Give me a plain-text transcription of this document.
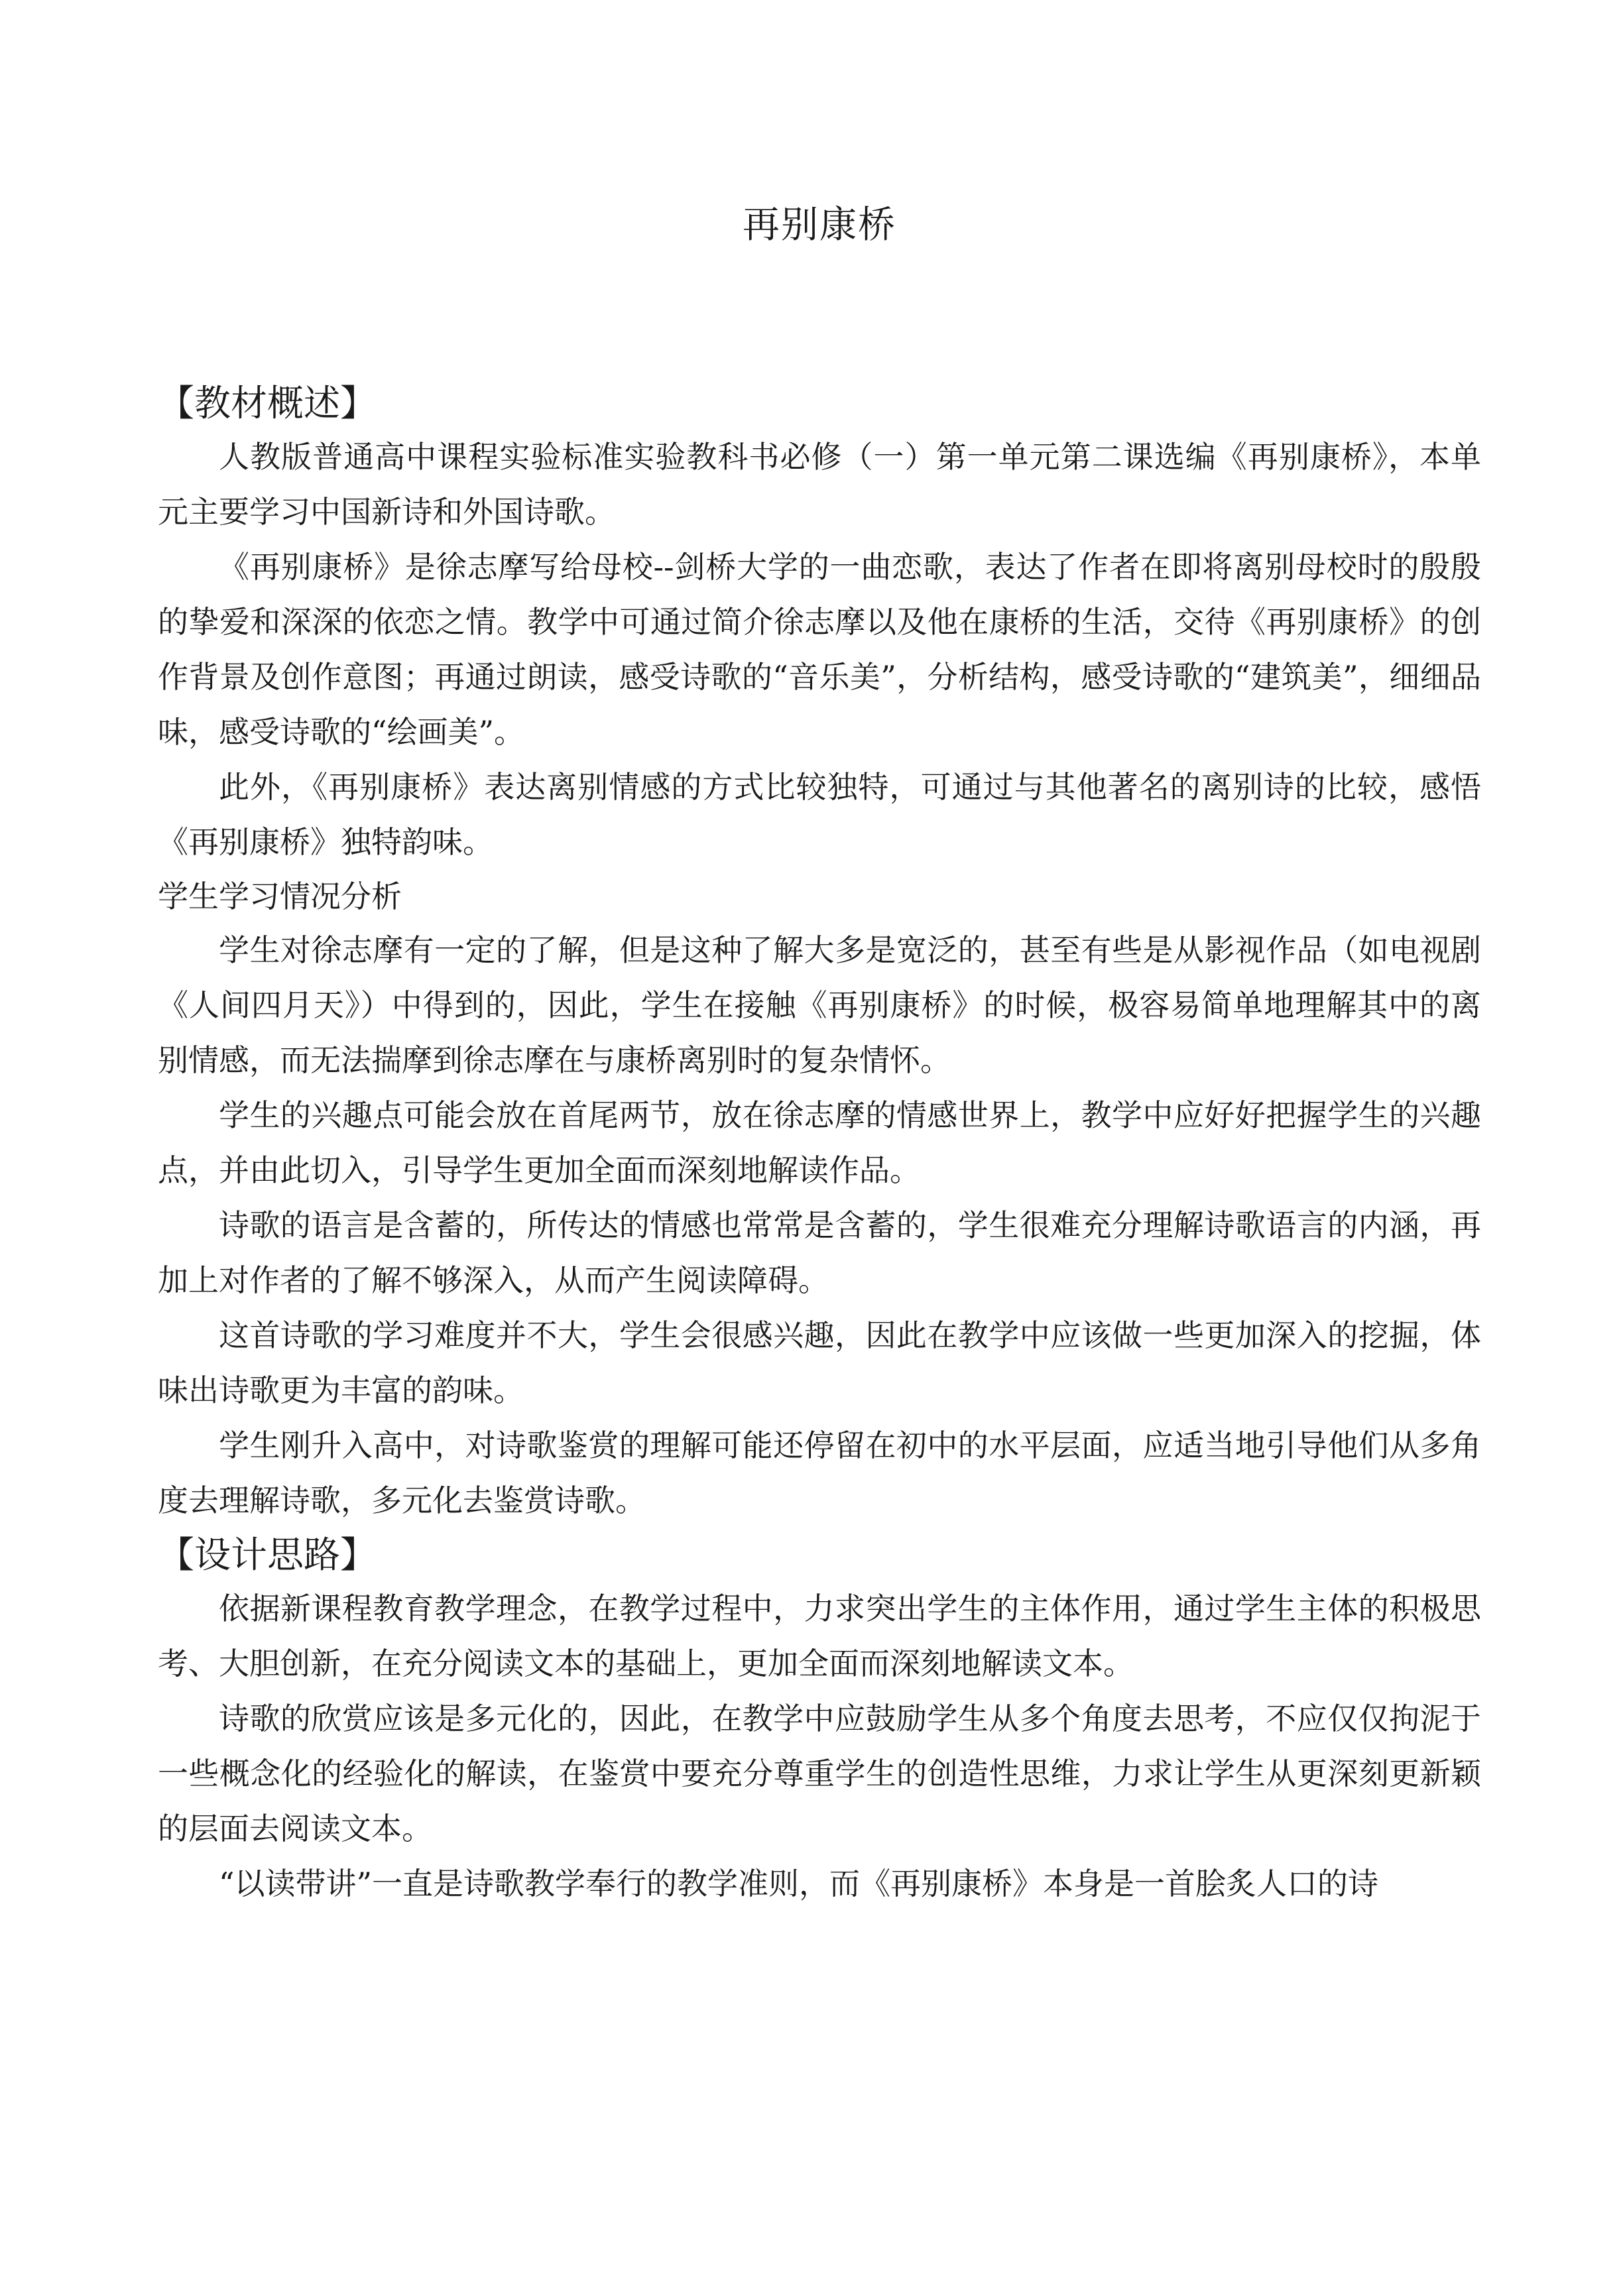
再别康桥
【教材概述】

人教版普通高中课程实验标准实验教科书必修（一）第一单元第二课选编《再别康桥》，本单元主要学习中国新诗和外国诗歌。

《再别康桥》是徐志摩写给母校--剑桥大学的一曲恋歌，表达了作者在即将离别母校时的殷殷的挚爱和深深的依恋之情。教学中可通过简介徐志摩以及他在康桥的生活，交待《再别康桥》的创作背景及创作意图；再通过朗读，感受诗歌的“音乐美”，分析结构，感受诗歌的“建筑美”，细细品味，感受诗歌的“绘画美”。

此外，《再别康桥》表达离别情感的方式比较独特，可通过与其他著名的离别诗的比较，感悟《再别康桥》独特韵味。

学生学习情况分析

学生对徐志摩有一定的了解，但是这种了解大多是宽泛的，甚至有些是从影视作品（如电视剧《人间四月天》）中得到的，因此，学生在接触《再别康桥》的时候，极容易简单地理解其中的离别情感，而无法揣摩到徐志摩在与康桥离别时的复杂情怀。

学生的兴趣点可能会放在首尾两节，放在徐志摩的情感世界上，教学中应好好把握学生的兴趣点，并由此切入，引导学生更加全面而深刻地解读作品。

诗歌的语言是含蓄的，所传达的情感也常常是含蓄的，学生很难充分理解诗歌语言的内涵，再加上对作者的了解不够深入，从而产生阅读障碍。

这首诗歌的学习难度并不大，学生会很感兴趣，因此在教学中应该做一些更加深入的挖掘，体味出诗歌更为丰富的韵味。

学生刚升入高中，对诗歌鉴赏的理解可能还停留在初中的水平层面，应适当地引导他们从多角度去理解诗歌，多元化去鉴赏诗歌。

【设计思路】

依据新课程教育教学理念，在教学过程中，力求突出学生的主体作用，通过学生主体的积极思考、大胆创新，在充分阅读文本的基础上，更加全面而深刻地解读文本。

诗歌的欣赏应该是多元化的，因此，在教学中应鼓励学生从多个角度去思考，不应仅仅拘泥于一些概念化的经验化的解读，在鉴赏中要充分尊重学生的创造性思维，力求让学生从更深刻更新颖的层面去阅读文本。

“以读带讲”一直是诗歌教学奉行的教学准则，而《再别康桥》本身是一首脍炙人口的诗
